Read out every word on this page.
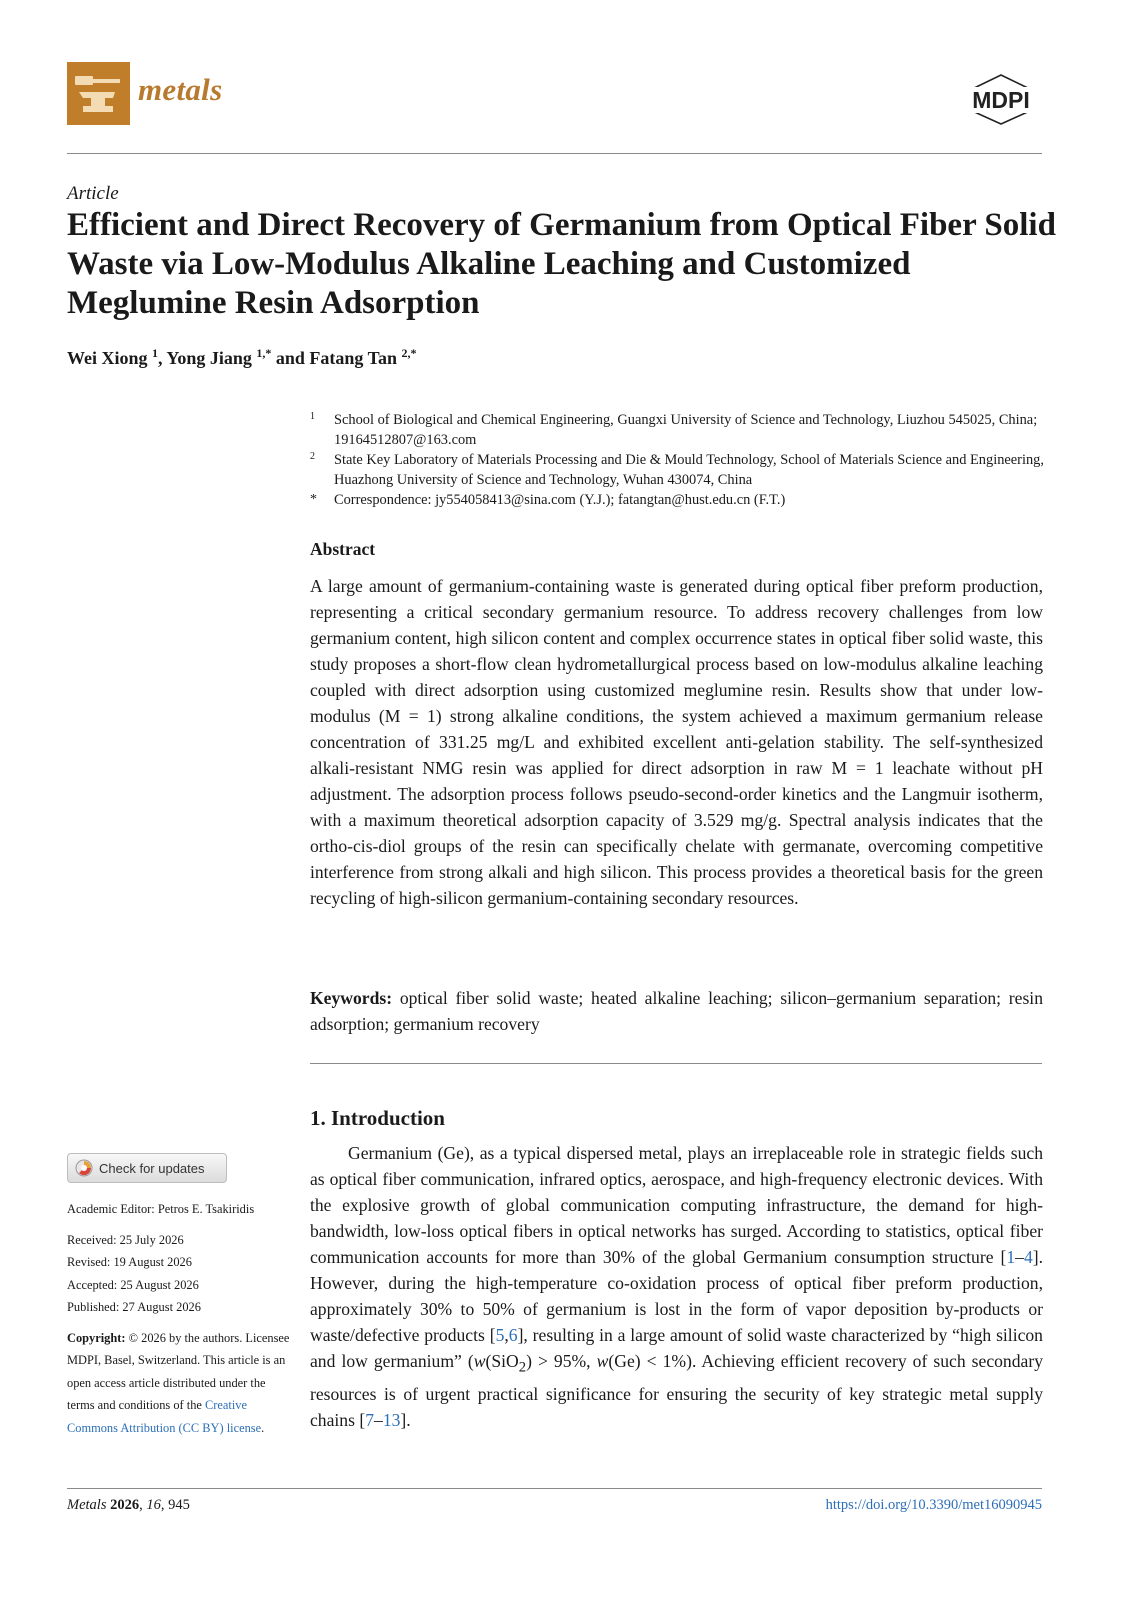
metals	MDPI
Article
Efficient and Direct Recovery of Germanium from Optical Fiber Solid Waste via Low-Modulus Alkaline Leaching and Customized Meglumine Resin Adsorption
Wei Xiong $^1$, Yong Jiang $^{1,*}$ and Fatang Tan $^{2,*}$
1 School of Biological and Chemical Engineering, Guangxi University of Science and Technology, Liuzhou 545025, China; 19164512807@163.com
2 State Key Laboratory of Materials Processing and Die & Mould Technology, School of Materials Science and Engineering, Huazhong University of Science and Technology, Wuhan 430074, China
* Correspondence: jy554058413@sina.com (Y.J.); fatangtan@hust.edu.cn (F.T.)
Abstract

A large amount of germanium-containing waste is generated during optical fiber preform production, representing a critical secondary germanium resource. To address recovery challenges from low germanium content, high silicon content and complex occurrence states in optical fiber solid waste, this study proposes a short-flow clean hydrometallurgical process based on low-modulus alkaline leaching coupled with direct adsorption using customized meglumine resin. Results show that under low-modulus (M = 1) strong alkaline conditions, the system achieved a maximum germanium release concentration of 331.25 mg/L and exhibited excellent anti-gelation stability. The self-synthesized alkali-resistant NMG resin was applied for direct adsorption in raw M = 1 leachate without pH adjustment. The adsorption process follows pseudo-second-order kinetics and the Langmuir isotherm, with a maximum theoretical adsorption capacity of 3.529 mg/g. Spectral analysis indicates that the ortho-cis-diol groups of the resin can specifically chelate with germanate, overcoming competitive interference from strong alkali and high silicon. This process provides a theoretical basis for the green recycling of high-silicon germanium-containing secondary resources.

Keywords: optical fiber solid waste; heated alkaline leaching; silicon–germanium separation; resin adsorption; germanium recovery

1. Introduction

Germanium (Ge), as a typical dispersed metal, plays an irreplaceable role in strategic fields such as optical fiber communication, infrared optics, aerospace, and high-frequency electronic devices. With the explosive growth of global communication computing infrastructure, the demand for high-bandwidth, low-loss optical fibers in optical networks has surged. According to statistics, optical fiber communication accounts for more than 30% of the global Germanium consumption structure [1–4]. However, during the high-temperature co-oxidation process of optical fiber preform production, approximately 30% to 50% of germanium is lost in the form of vapor deposition by-products or waste/defective products [5,6], resulting in a large amount of solid waste characterized by “high silicon and low germanium” (w(SiO$_2$) > 95%, w(Ge) < 1%). Achieving efficient recovery of such secondary resources is of urgent practical significance for ensuring the security of key strategic metal supply chains [7–13].

Check for updates
Academic Editor: Petros E. Tsakiridis
Received: 25 July 2026
Revised: 19 August 2026
Accepted: 25 August 2026
Published: 27 August 2026
Copyright: © 2026 by the authors. Licensee MDPI, Basel, Switzerland. This article is an open access article distributed under the terms and conditions of the Creative Commons Attribution (CC BY) license.
Metals 2026, 16, 945	https://doi.org/10.3390/met16090945
